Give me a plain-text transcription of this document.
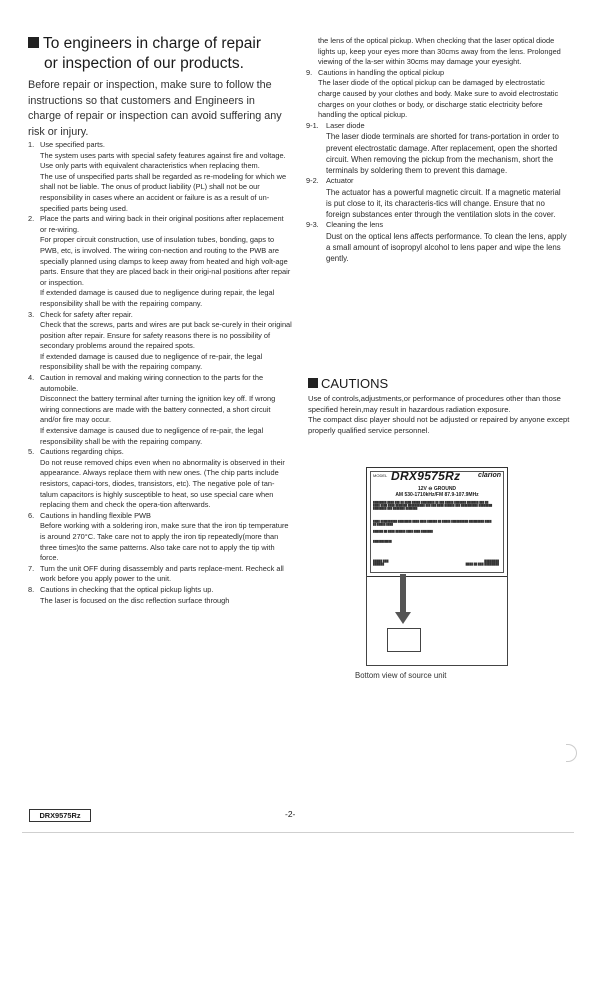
To engineers in charge of repair
or inspection of our products.
Before repair or inspection, make sure to follow the instructions so that customers and Engineers in charge of repair or inspection can avoid suffering any risk or injury.
1. Use specified parts.

The system uses parts with special safety features against fire and voltage. Use only parts with equivalent characteristics when replacing them.

The use of unspecified parts shall be regarded as re-modeling for which we shall not be liable. The onus of product liability (PL) shall not be our responsibility in cases where an accident or failure is as a result of un-specified parts being used.

2. Place the parts and wiring back in their original positions after replacement or re-wiring.

For proper circuit construction, use of insulation tubes, bonding, gaps to PWB, etc, is involved. The wiring con-nection and routing to the PWB are specially planned using clamps to keep away from heated and high volt-age parts. Ensure that they are placed back in their origi-nal positions after repair or inspection.

If extended damage is caused due to negligence during repair, the legal responsibility shall be with the repairing company.

3. Check for safety after repair.

Check that the screws, parts and wires are put back se-curely in their original position after repair. Ensure for safety reasons there is no possibility of secondary problems around the repaired spots.

If extended damage is caused due to negligence of re-pair, the legal responsibility shall be with the repairing company.

4. Caution in removal and making wiring connection to the parts for the automobile.

Disconnect the battery terminal after turning the ignition key off. If wrong wiring connections are made with the battery connected, a short circuit and/or fire may occur.

If extensive damage is caused due to negligence of re-pair, the legal responsibility shall be with the repairing company.

5. Cautions regarding chips.

Do not reuse removed chips even when no abnormality is observed in their appearance. Always replace them with new ones. (The chip parts include resistors, capaci-tors, diodes, transistors, etc). The negative pole of tan-talum capacitors is highly susceptible to heat, so use special care when replacing them and check the opera-tion afterwards.

6. Cautions in handling flexible PWB

Before working with a soldering iron, make sure that the iron tip temperature is around 270°C. Take care not to apply the iron tip repeatedly(more than three times)to the same patterns. Also take care not to apply the tip with force.

7. Turn the unit OFF during disassembly and parts replace-ment. Recheck all work before you apply power to the unit.

8. Cautions in checking that the optical pickup lights up.

The laser is focused on the disc reflection surface through

the lens of the optical pickup. When checking that the laser optical diode lights up, keep your eyes more than 30cms away from the lens. Prolonged viewing of the la-ser within 30cms may damage your eyesight.

9. Cautions in handling the optical pickup

The laser diode of the optical pickup can be damaged by electrostatic charge caused by your clothes and body. Make sure to avoid electrostatic charges on your clothes or body, or discharge static electricity before handling the optical pickup.

9-1. Laser diode

The laser diode terminals are shorted for trans-portation in order to prevent electrostatic damage. After replacement, open the shorted circuit. When removing the pickup from the mechanism, short the terminals by soldering them to prevent this damage.

9-2. Actuator

The actuator has a powerful magnetic circuit. If a magnetic material is put close to it, its characteris-tics will change. Ensure that no foreign substances enter through the ventilation slots in the cover.

9-3. Cleaning the lens

Dust on the optical lens affects performance. To clean the lens, apply a small amount of isopropyl alcohol to lens paper and wipe the lens gently.

CAUTIONS

Use of controls,adjustments,or performance of procedures other than those specified herein,may result in hazardous radiation exposure.

The compact disc player should not be adjusted or repaired by anyone except properly qualified service personnel.

MODEL DRX9575Rz	clarion
12V ⊖ GROUND
AM 530-1710kHz/FM 87.9-107.9MHz
████████ ████ ███ ██ ████ █████ ████████ ██ ███ █████ ███████ ███████ ███ ██ ████ ████ ████ ███████ ██████████ ███ ███ ████ ██████ ███ ██████████ ████████ ████████ ███ ███████ ███████
████ ██████████ ████████ ████ ████ ██████ ██ █████ ██████████ █████████ ████ ██ █████ ████
██████ ██ ████ ██████ ████ ████ ███████
███████████
█████ ███
██████
████████
████ ██ ███ ████████
Bottom view of source unit
DRX9575Rz	-2-
